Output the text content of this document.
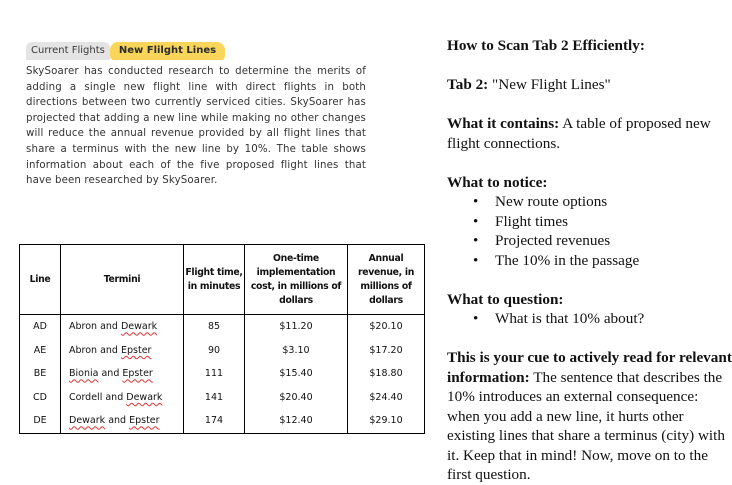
Current Flights	New Flilght Lines
SkySoarer has conducted research to determine the merits of adding a single new flight line with direct flights in both directions between two currently serviced cities. SkySoarer has projected that adding a new line while making no other changes will reduce the annual revenue provided by all flight lines that share a terminus with the new line by 10%. The table shows information about each of the five proposed flight lines that have been researched by SkySoarer.
Line	Termini	Flight time, in minutes	One-time implementation cost, in millions of dollars	Annual revenue, in millions of dollars
AD	Abron and Dewark	85	$11.20	$20.10
AE	Abron and Epster	90	$3.10	$17.20
BE	Bionia and Epster	111	$15.40	$18.80
CD	Cordell and Dewark	141	$20.40	$24.40
DE	Dewark and Epster	174	$12.40	$29.10

How to Scan Tab 2 Efficiently:

Tab 2: "New Flight Lines"

What it contains: A table of proposed new flight connections.

What to notice:

• New route options
• Flight times
• Projected revenues
• The 10% in the passage

What to question:

• What is that 10% about?

This is your cue to actively read for relevant information: The sentence that describes the 10% introduces an external consequence: when you add a new line, it hurts other existing lines that share a terminus (city) with it. Keep that in mind! Now, move on to the first question.
